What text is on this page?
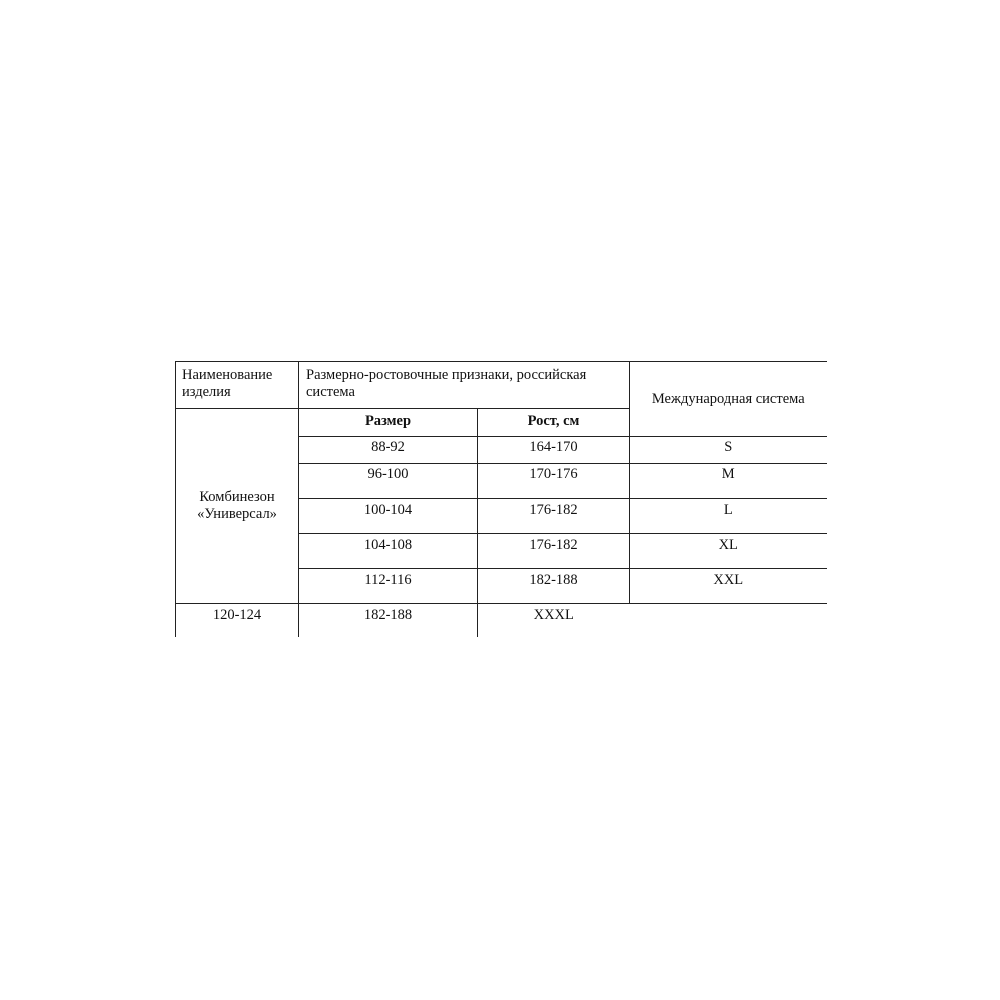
Наименование изделия	Размерно-ростовочные признаки, российская система		Международная система
Комбинезон «Универсал»	Размер	Рост, см	

	88-92	164-170	S
	96-100	170-176	M
	100-104	176-182	L
	104-108	176-182	XL
	112-116	182-188	XXL
120-124	182-188	XXXL	
